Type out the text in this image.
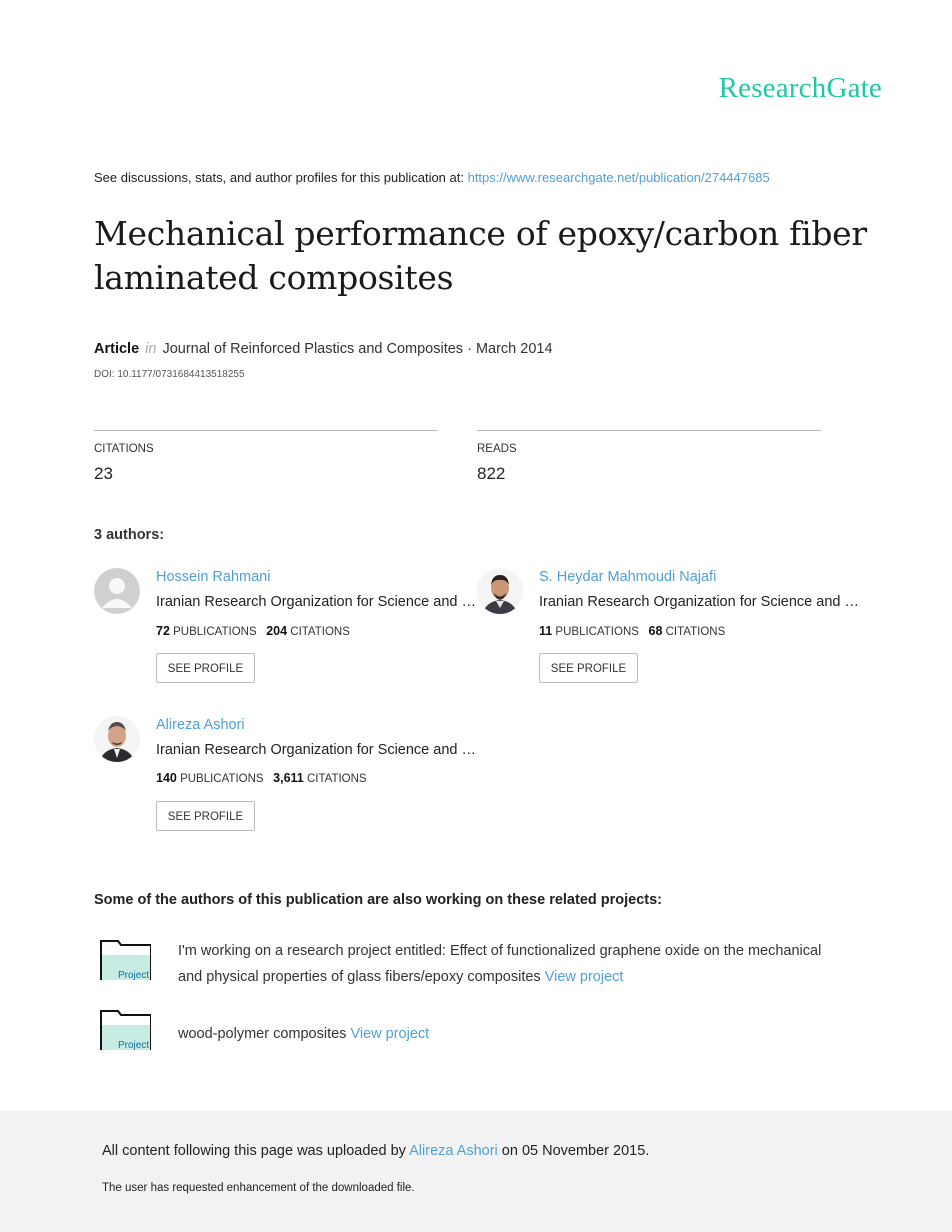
ResearchGate
See discussions, stats, and author profiles for this publication at: https://www.researchgate.net/publication/274447685
Mechanical performance of epoxy/carbon fiber
laminated composites
Article in Journal of Reinforced Plastics and Composites · March 2014
DOI: 10.1177/0731684413518255
CITATIONS
23
READS
822
3 authors:
Hossein Rahmani
Iranian Research Organization for Science and …
72 PUBLICATIONS 204 CITATIONS
SEE PROFILE
S. Heydar Mahmoudi Najafi
Iranian Research Organization for Science and …
11 PUBLICATIONS 68 CITATIONS
SEE PROFILE
Alireza Ashori
Iranian Research Organization for Science and …
140 PUBLICATIONS 3,611 CITATIONS
SEE PROFILE
Some of the authors of this publication are also working on these related projects:
Project
I'm working on a research project entitled: Effect of functionalized graphene oxide on the mechanical
and physical properties of glass fibers/epoxy composites View project
Project
wood-polymer composites View project
All content following this page was uploaded by Alireza Ashori on 05 November 2015.
The user has requested enhancement of the downloaded file.
